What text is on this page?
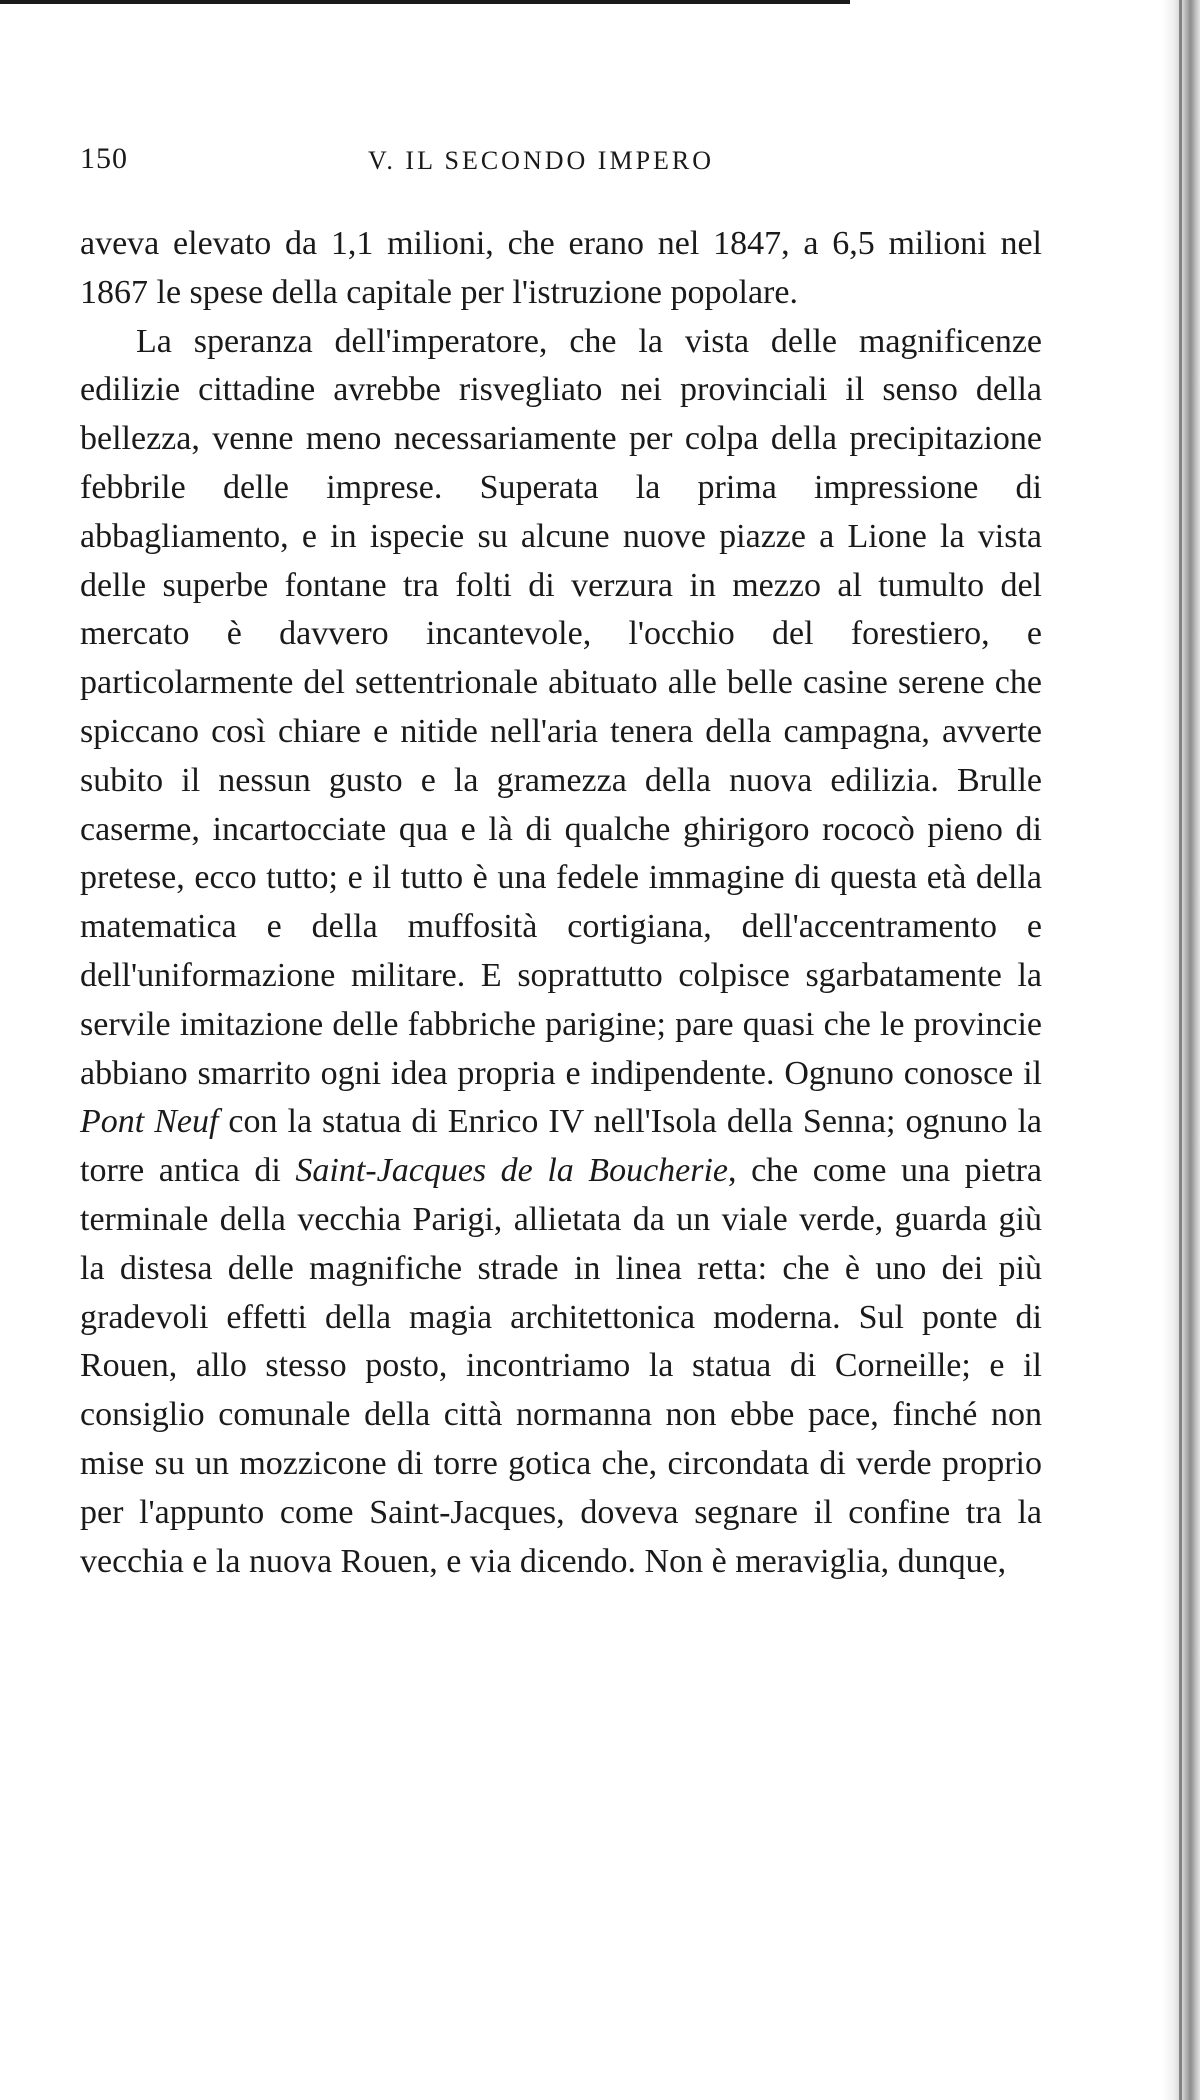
150	V. IL SECONDO IMPERO

aveva elevato da 1,1 milioni, che erano nel 1847, a 6,5 milioni nel 1867 le spese della capitale per l'istruzione popolare.

La speranza dell'imperatore, che la vista delle magnificenze edilizie cittadine avrebbe risvegliato nei provinciali il senso della bellezza, venne meno necessariamente per colpa della precipitazione febbrile delle imprese. Superata la prima impressione di abbagliamento, e in ispecie su alcune nuove piazze a Lione la vista delle superbe fontane tra folti di verzura in mezzo al tumulto del mercato è davvero incantevole, l'occhio del forestiero, e particolarmente del settentrionale abituato alle belle casine serene che spiccano così chiare e nitide nell'aria tenera della campagna, avverte subito il nessun gusto e la gramezza della nuova edilizia. Brulle caserme, incartocciate qua e là di qualche ghirigoro rococò pieno di pretese, ecco tutto; e il tutto è una fedele immagine di questa età della matematica e della muffosità cortigiana, dell'accentramento e dell'uniformazione militare. E soprattutto colpisce sgarbatamente la servile imitazione delle fabbriche parigine; pare quasi che le provincie abbiano smarrito ogni idea propria e indipendente. Ognuno conosce il Pont Neuf con la statua di Enrico IV nell'Isola della Senna; ognuno la torre antica di Saint-Jacques de la Boucherie, che come una pietra terminale della vecchia Parigi, allietata da un viale verde, guarda giù la distesa delle magnifiche strade in linea retta: che è uno dei più gradevoli effetti della magia architettonica moderna. Sul ponte di Rouen, allo stesso posto, incontriamo la statua di Corneille; e il consiglio comunale della città normanna non ebbe pace, finché non mise su un mozzicone di torre gotica che, circondata di verde proprio per l'appunto come Saint-Jacques, doveva segnare il confine tra la vecchia e la nuova Rouen, e via dicendo. Non è meraviglia, dunque,
